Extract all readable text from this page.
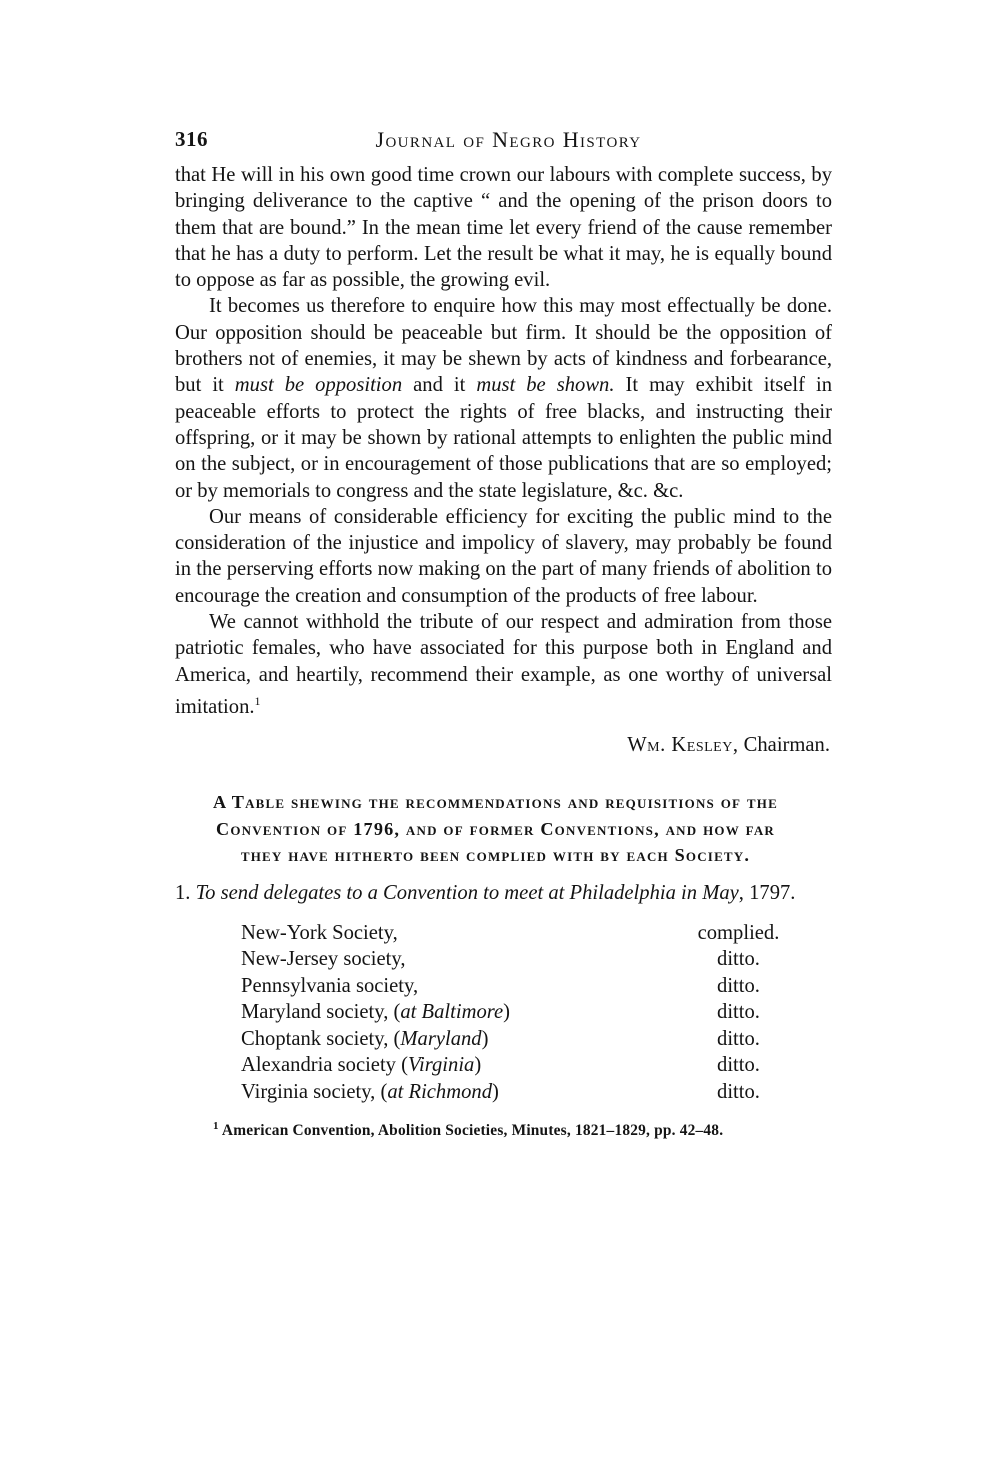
316	Journal of Negro History

that He will in his own good time crown our labours with complete success, by bringing deliverance to the captive “ and the opening of the prison doors to them that are bound.” In the mean time let every friend of the cause remember that he has a duty to perform. Let the result be what it may, he is equally bound to oppose as far as possible, the growing evil.

It becomes us therefore to enquire how this may most effectually be done. Our opposition should be peaceable but firm. It should be the opposition of brothers not of enemies, it may be shewn by acts of kindness and forbearance, but it must be opposition and it must be shown. It may exhibit itself in peaceable efforts to protect the rights of free blacks, and instructing their offspring, or it may be shown by rational attempts to enlighten the public mind on the subject, or in encouragement of those publications that are so employed; or by memorials to congress and the state legislature, &c. &c.

Our means of considerable efficiency for exciting the public mind to the consideration of the injustice and impolicy of slavery, may probably be found in the perserving efforts now making on the part of many friends of abolition to encourage the creation and consumption of the products of free labour.

We cannot withhold the tribute of our respect and admiration from those patriotic females, who have associated for this purpose both in England and America, and heartily, recommend their example, as one worthy of universal imitation.$^1$

Wm. Kesley, Chairman.
A Table shewing the recommendations and requisitions of the Convention of 1796, and of former Conventions, and how far they have hitherto been complied with by each Society.
1. To send delegates to a Convention to meet at Philadelphia in May, 1797.
New-York Society,	complied.
New-Jersey society,	ditto.
Pennsylvania society,	ditto.
Maryland society, (at Baltimore)	ditto.
Choptank society, (Maryland)	ditto.
Alexandria society (Virginia)	ditto.
Virginia society, (at Richmond)	ditto.
$^1$ American Convention, Abolition Societies, Minutes, 1821–1829, pp. 42–48.
